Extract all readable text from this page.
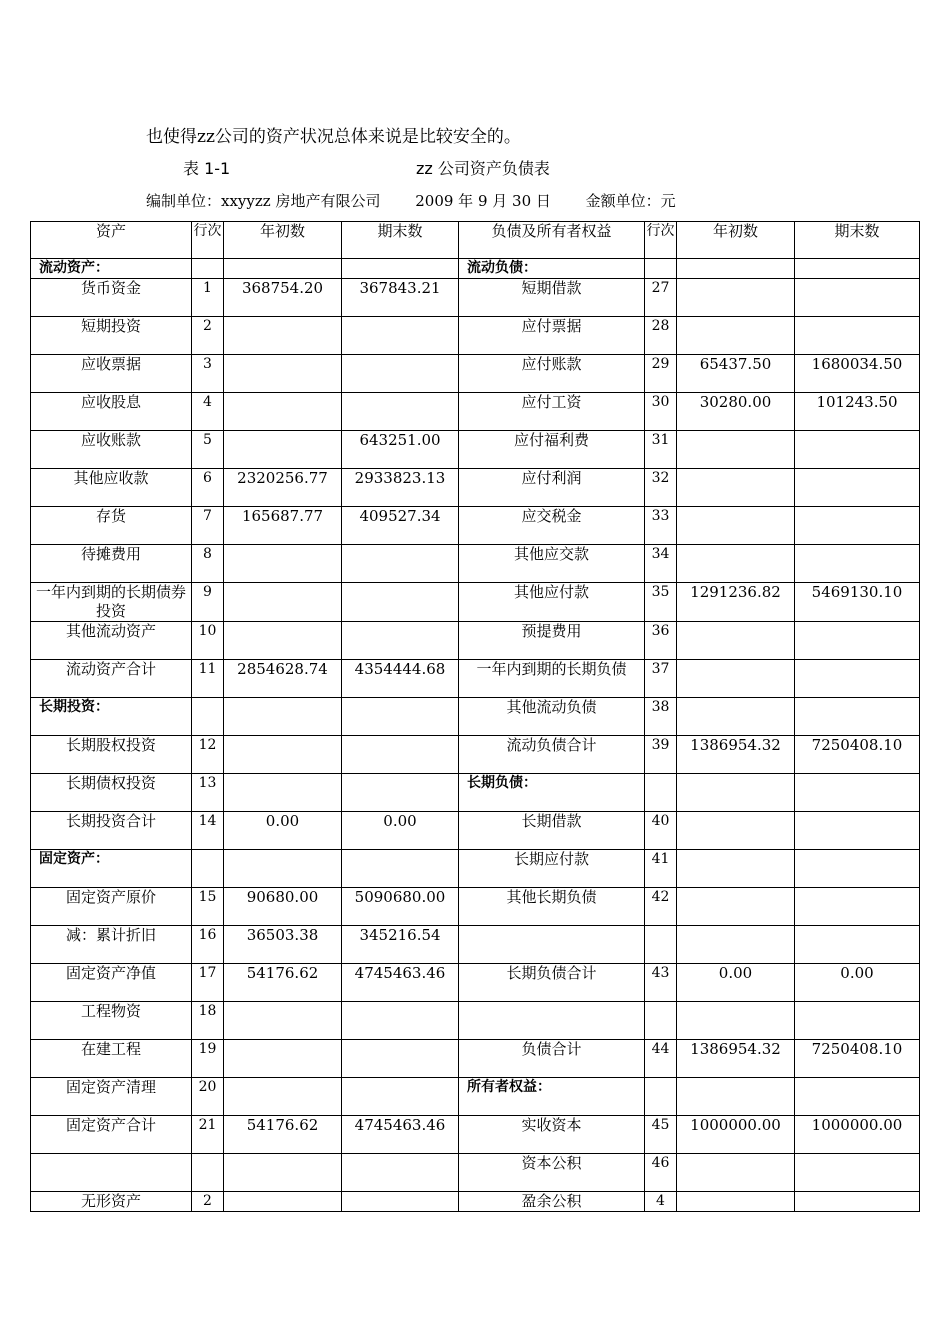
也使得zz公司的资产状况总体来说是比较安全的。
表 1-1	zz 公司资产负债表
编制单位：xxyyzz 房地产有限公司 2009 年 9 月 30 日 金额单位：元
资产	行次	年初数	期末数	负债及所有者权益	行次	年初数	期末数
流动资产：				流动负债：			
货币资金	1	368754.20	367843.21	短期借款	27		
短期投资	2			应付票据	28		
应收票据	3			应付账款	29	65437.50	1680034.50
应收股息	4			应付工资	30	30280.00	101243.50
应收账款	5		643251.00	应付福利费	31		
其他应收款	6	2320256.77	2933823.13	应付利润	32		
存货	7	165687.77	409527.34	应交税金	33		
待摊费用	8			其他应交款	34		
一年内到期的长期债券投资	9			其他应付款	35	1291236.82	5469130.10
其他流动资产	10			预提费用	36		
流动资产合计	11	2854628.74	4354444.68	一年内到期的长期负债	37		
长期投资：				其他流动负债	38		
长期股权投资	12			流动负债合计	39	1386954.32	7250408.10
长期债权投资	13			长期负债：			
长期投资合计	14	0.00	0.00	长期借款	40		
固定资产：				长期应付款	41		
固定资产原价	15	90680.00	5090680.00	其他长期负债	42		
减：累计折旧	16	36503.38	345216.54				
固定资产净值	17	54176.62	4745463.46	长期负债合计	43	0.00	0.00
工程物资	18						
在建工程	19			负债合计	44	1386954.32	7250408.10
固定资产清理	20			所有者权益：			
固定资产合计	21	54176.62	4745463.46	实收资本	45	1000000.00	1000000.00
				资本公积	46		
无形资产	2			盈余公积	4		
